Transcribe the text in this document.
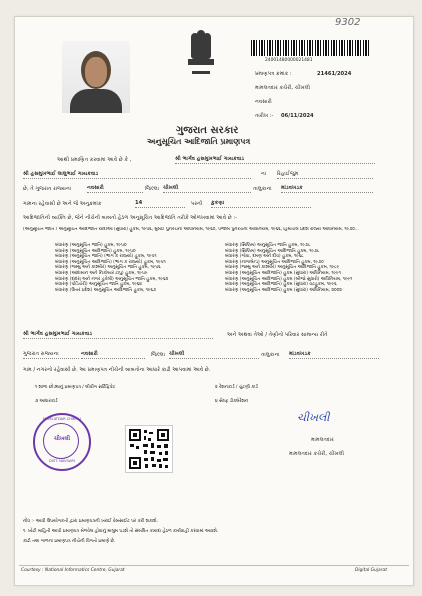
9302
24001480000021481
પ્રમાણપત્ર ક્રમાંક :	21461/2024
મામલતદાર કચેરી, ચીખલી
નવસારી
તારીખ :- 06/11/2024
ગુજરાત સરકાર
અનુસૂચિત આદિજાતિ પ્રમાણપત્ર
આથી પ્રમાણિત કરવામાં આવે છે કે ,	શ્રી ભાર્ગવ હસમુખભાઈ ગાયકવાડ
શ્રી હસમુખભાઈ લાલુભાઈ ગાયકવાડ	ના રિહાઈજુમ
છે, તે ગુજરાત રાજ્યના	નવસારી	જિલ્લા ચીખલી	તાલુકાના માંડવખડક
ગામના રહેવાસી છે અને જે અનુક્રમાંક	14	પરની કુકણા
આદિજાતિની વ્યક્તિ છે, જેને નીચેની બાબતો હેઠળ અનુસૂચિત આદિજાતિ તરીકે ઓળખવામાં આવે છે :-
(અનુસૂચિત જાતિ / અનુસૂચિત આદિજાતિ યાદીઓ (સુધારા) હુકમ, ૧૯૫૬, મુંબઈ પુનર્રચના અધિનિયમ, ૧૯૬૦, પંજાબ પુનર્રચના અધિનિયમ, ૧૯૬૬, હિમાચલ પ્રદેશ રાજ્ય અધિનિયમ, ૧૯૭૦...
બંધારણ (અનુસૂચિત જાતિ) હુકમ, ૧૯૫૦
બંધારણ (અનુસૂચિત આદિજાતિ) હુકમ, ૧૯૫૦
બંધારણ (અનુસૂચિત જાતિ) (ભાગ ક રાજ્યો) હુકમ, ૧૯૫૧
બંધારણ (અનુસૂચિત આદિજાતિ) (ભાગ ક રાજ્યો) હુકમ, ૧૯૫૧
બંધારણ (જમ્મુ અને કાશ્મીર) અનુસૂચિત જાતિ હુકમ, ૧૯૫૬
બંધારણ (આંદામાન અને નિકોબાર ટાપુ) હુકમ, ૧૯૫૯
બંધારણ (દાદરા અને નગર હવેલી) અનુસૂચિત જાતિ હુકમ, ૧૯૬૨
બંધારણ (પોંડિચેરી) અનુસૂચિત જાતિ હુકમ, ૧૯૬૪
બંધારણ (ઉત્તર પ્રદેશ) અનુસૂચિત આદિજાતિ હુકમ, ૧૯૬૭
બંધારણ (સિક્કિમ) અનુસૂચિત જાતિ હુકમ, ૧૯૭૮
બંધારણ (સિક્કિમ) અનુસૂચિત આદિજાતિ હુકમ, ૧૯૭૮
બંધારણ (ગોવા, દમણ અને દીવ) હુકમ, ૧૯૬૮
બંધારણ (નાગાલેન્ડ) અનુસૂચિત આદિજાતિ હુકમ, ૧૯૭૦
બંધારણ (જમ્મુ અને કાશ્મીર) અનુસૂચિત આદિજાતિ હુકમ, ૧૯૮૯
બંધારણ (અનુસૂચિત આદિજાતિ) હુકમ (સુધારા) અધિનિયમ, ૧૯૯૧
બંધારણ (અનુસૂચિત આદિજાતિ) હુકમ (બીજો સુધારો) અધિનિયમ, ૧૯૯૧
બંધારણ (અનુસૂચિત આદિજાતિ) હુકમ (સુધારા) વટહુકમ, ૧૯૯૬
બંધારણ (અનુસૂચિત આદિજાતિ) હુકમ (સુધારા) અધિનિયમ, ૨૦૦૨
શ્રી ભાર્ગવ હસમુખભાઈ ગાયકવાડ	અને અથવા તેઓ / તેણીનો પરિવાર સામાન્ય રીતે
ગુજરાત રાજ્યના	નવસારી	જિલ્લા ચીખલી	તાલુકાના માંડવખડક
ગામ / નગરનો રહેવાસી છે. આ પ્રમાણપત્ર નીચેની બાબતોના આધારે કાઢી આપવામાં આવે છે.
૧ શાળા છોડ્યાનું પ્રમાણપત્ર / લીવીંગ સર્ટિફિકેટ	૨ રેશનકાર્ડ / ચુંટણી કાર્ડ
૩ આધારકાર્ડ	૪ સેલ્ફ ડીક્લેરેશન
MAMLATDAR CHIKHLI
ચીખલી
DIST. NAVSARI
ચીખલી
મામલતદાર
મામલતદાર કચેરી, ચીખલી
નોંધ :- આવી ઉપયોગકર્તા દ્વારા પ્રમાણપત્રની ખરાઈ વેબસાઈટ પર કરી શકાશે.
૧. ખોટી માહિતી આપી પ્રમાણપત્ર મેળવેલ હોવાનું માલુમ પડશે તો સંબંધિત કાયદા હેઠળ કાર્યવાહી કરવામાં આવશે.
કાઢી તથા ગાળના પ્રમાણપત્ર નીચેની વિગતો પ્રમાણે છે.
Courtesy : National Informatics Centre, Gujarat	Digital Gujarat
